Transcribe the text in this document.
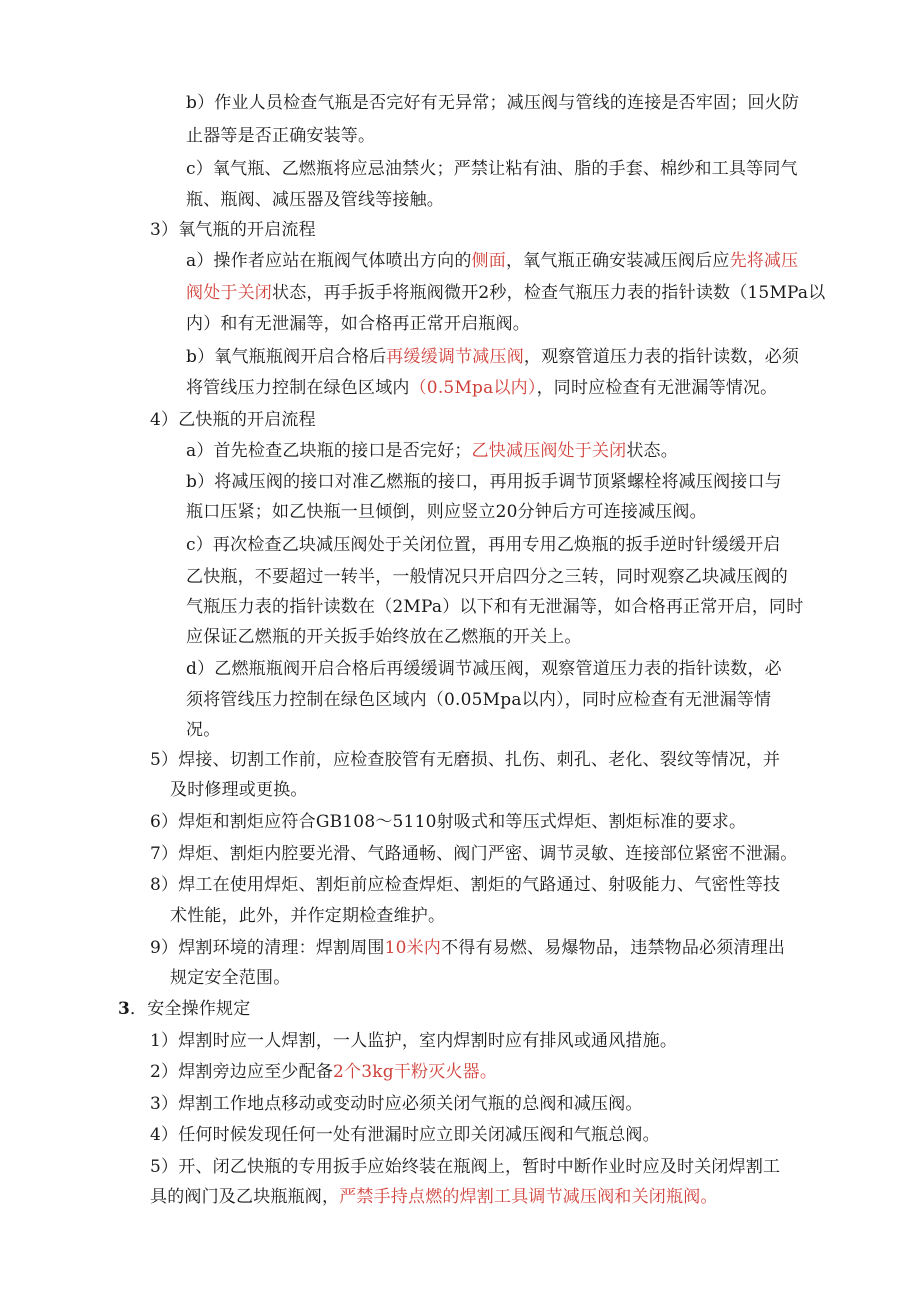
b）作业人员检查气瓶是否完好有无异常；减压阀与管线的连接是否牢固；回火防
止器等是否正确安装等。
c）氧气瓶、乙燃瓶将应忌油禁火；严禁让粘有油、脂的手套、棉纱和工具等同气
瓶、瓶阀、减压器及管线等接触。
3）氧气瓶的开启流程
a）操作者应站在瓶阀气体喷出方向的侧面，氧气瓶正确安装减压阀后应先将减压
阀处于关闭状态，再手扳手将瓶阀微开2秒，检查气瓶压力表的指针读数（15MPa以
内）和有无泄漏等，如合格再正常开启瓶阀。
b）氧气瓶瓶阀开启合格后再缓缓调节减压阀，观察管道压力表的指针读数，必须
将管线压力控制在绿色区域内（0.5Mpa以内），同时应检查有无泄漏等情况。
4）乙快瓶的开启流程
a）首先检查乙块瓶的接口是否完好；乙快减压阀处于关闭状态。
b）将减压阀的接口对准乙燃瓶的接口，再用扳手调节顶紧螺栓将减压阀接口与
瓶口压紧；如乙快瓶一旦倾倒，则应竖立20分钟后方可连接减压阀。
c）再次检查乙块减压阀处于关闭位置，再用专用乙焕瓶的扳手逆时针缓缓开启
乙快瓶，不要超过一转半，一般情况只开启四分之三转，同时观察乙块减压阀的
气瓶压力表的指针读数在（2MPa）以下和有无泄漏等，如合格再正常开启，同时
应保证乙燃瓶的开关扳手始终放在乙燃瓶的开关上。
d）乙燃瓶瓶阀开启合格后再缓缓调节减压阀，观察管道压力表的指针读数，必
须将管线压力控制在绿色区域内（0.05Mpa以内），同时应检查有无泄漏等情
况。
5）焊接、切割工作前，应检查胶管有无磨损、扎伤、刺孔、老化、裂纹等情况，并
及时修理或更换。
6）焊炬和割炬应符合GB108～5110射吸式和等压式焊炬、割炬标准的要求。
7）焊炬、割炬内腔要光滑、气路通畅、阀门严密、调节灵敏、连接部位紧密不泄漏。
8）焊工在使用焊炬、割炬前应检查焊炬、割炬的气路通过、射吸能力、气密性等技
术性能，此外，并作定期检查维护。
9）焊割环境的清理：焊割周围10米内不得有易燃、易爆物品，违禁物品必须清理出
规定安全范围。
3．安全操作规定
1）焊割时应一人焊割，一人监护，室内焊割时应有排风或通风措施。
2）焊割旁边应至少配备2个3kg干粉灭火器。
3）焊割工作地点移动或变动时应必须关闭气瓶的总阀和减压阀。
4）任何时候发现任何一处有泄漏时应立即关闭减压阀和气瓶总阀。
5）开、闭乙快瓶的专用扳手应始终装在瓶阀上，暂时中断作业时应及时关闭焊割工
具的阀门及乙块瓶瓶阀，严禁手持点燃的焊割工具调节减压阀和关闭瓶阀。
